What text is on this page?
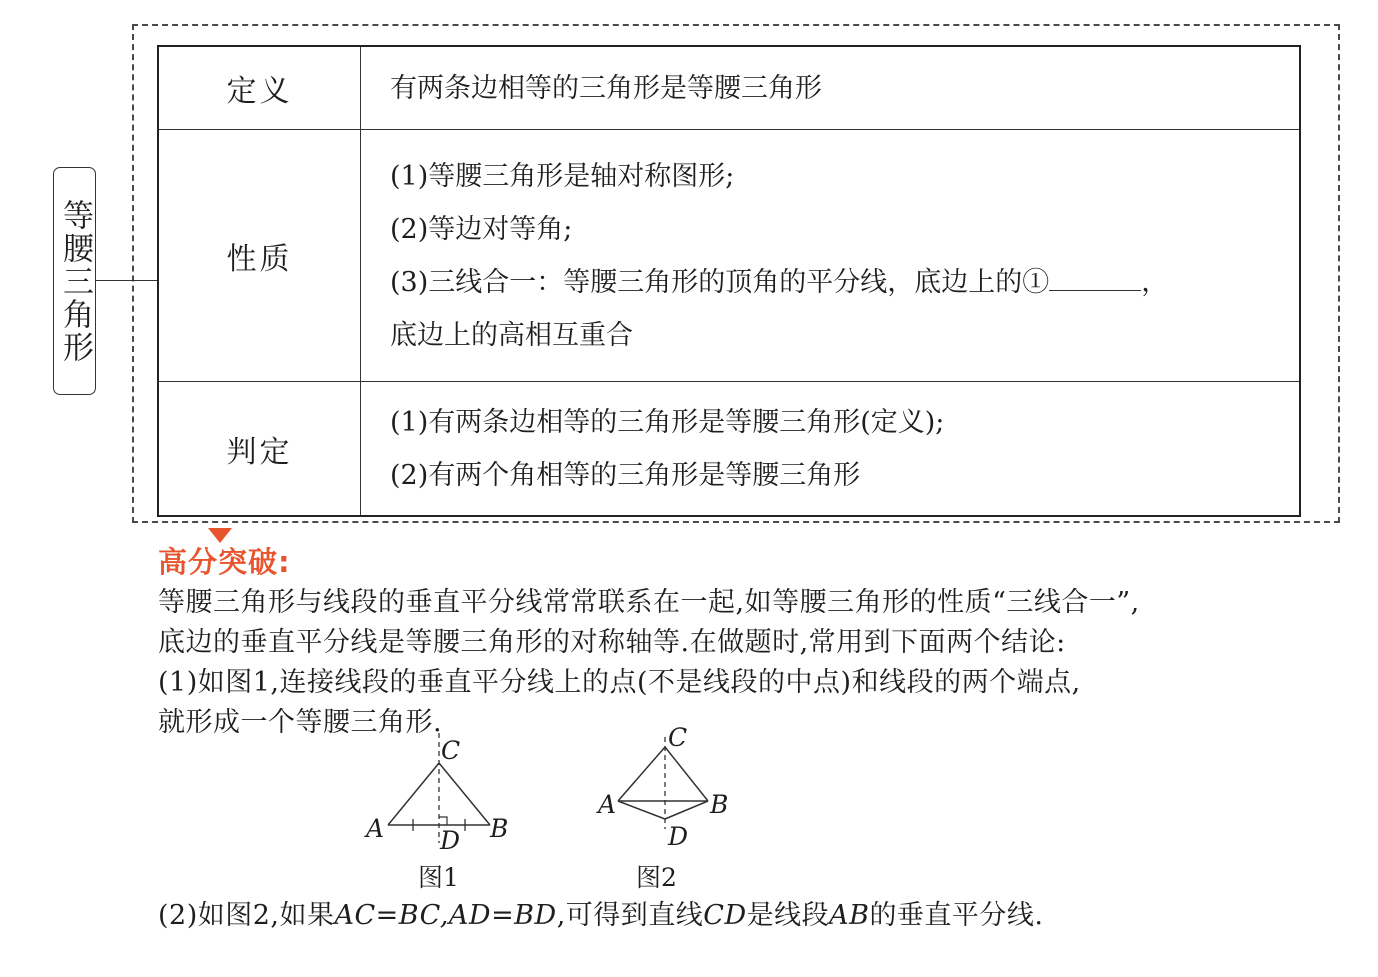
等腰三角形
定义	有两条边相等的三角形是等腰三角形

性质	(1)等腰三角形是轴对称图形;
(2)等边对等角;
(3)三线合一：等腰三角形的顶角的平分线，底边上的① ，
底边上的高相互重合

判定	(1)有两条边相等的三角形是等腰三角形(定义);
(2)有两个角相等的三角形是等腰三角形
高分突破:
等腰三角形与线段的垂直平分线常常联系在一起,如等腰三角形的性质“三线合一”,
底边的垂直平分线是等腰三角形的对称轴等.在做题时,常用到下面两个结论:
(1)如图1,连接线段的垂直平分线上的点(不是线段的中点)和线段的两个端点,
就形成一个等腰三角形.
C
A	B
D
图1
C
A	B
D
图2
(2)如图2,如果AC=BC,AD=BD,可得到直线CD是线段AB的垂直平分线.
